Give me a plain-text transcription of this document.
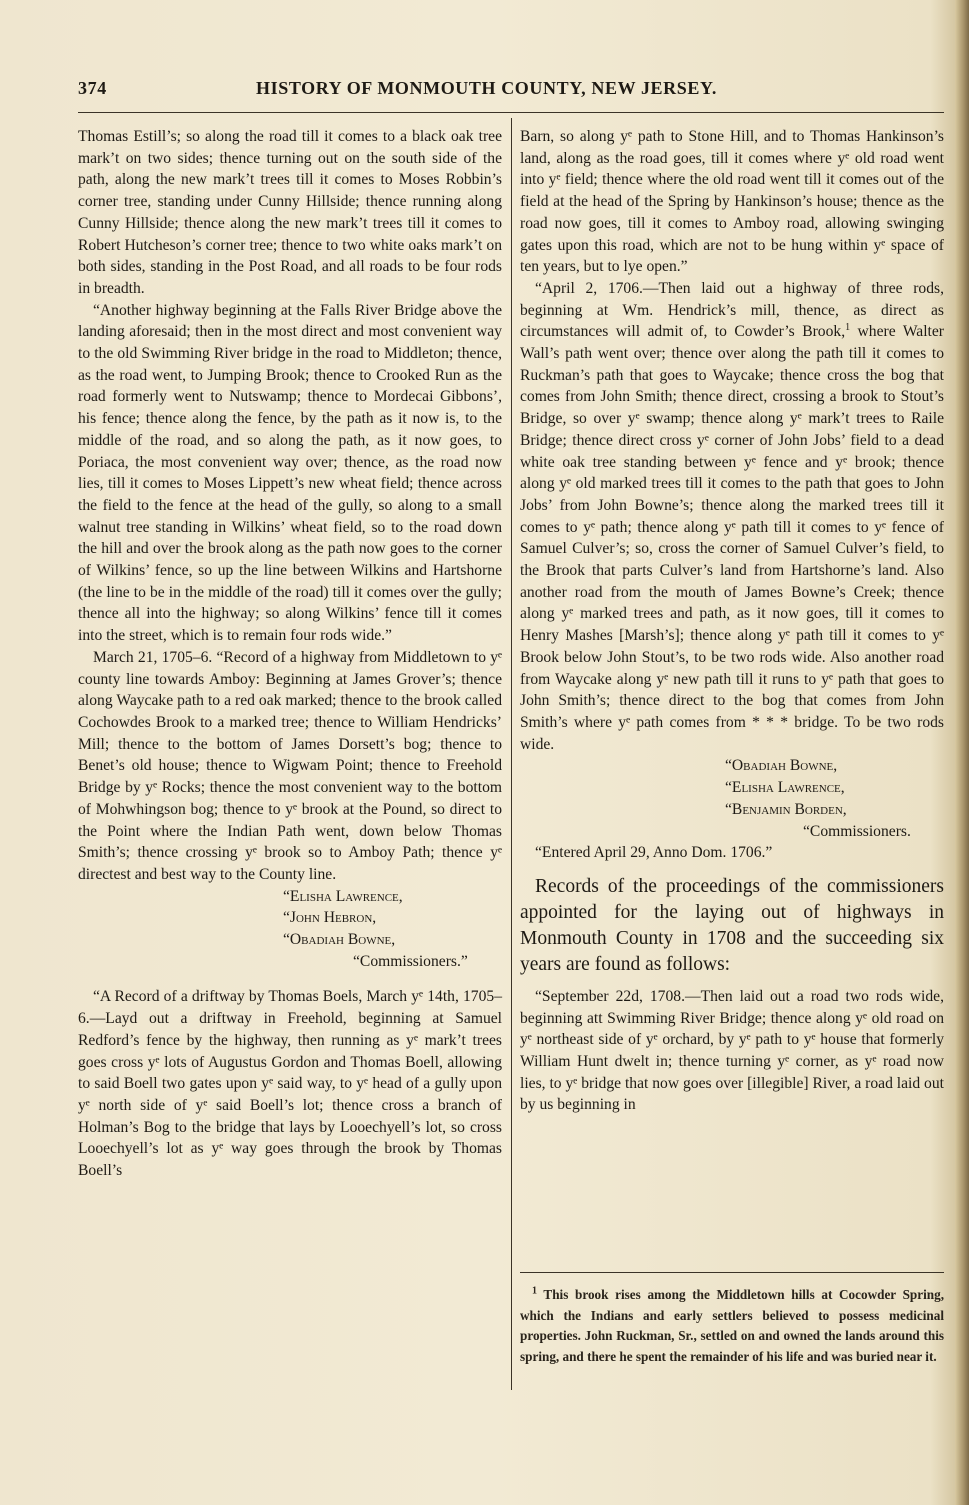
374	HISTORY OF MONMOUTH COUNTY, NEW JERSEY.

Thomas Estill’s; so along the road till it comes to a black oak tree mark’t on two sides; thence turning out on the south side of the path, along the new mark’t trees till it comes to Moses Robbin’s corner tree, standing under Cunny Hillside; thence running along Cunny Hillside; thence along the new mark’t trees till it comes to Robert Hutcheson’s corner tree; thence to two white oaks mark’t on both sides, standing in the Post Road, and all roads to be four rods in breadth.

“Another highway beginning at the Falls River Bridge above the landing aforesaid; then in the most direct and most convenient way to the old Swimming River bridge in the road to Middleton; thence, as the road went, to Jumping Brook; thence to Crooked Run as the road formerly went to Nutswamp; thence to Mordecai Gibbons’, his fence; thence along the fence, by the path as it now is, to the middle of the road, and so along the path, as it now goes, to Poriaca, the most convenient way over; thence, as the road now lies, till it comes to Moses Lippett’s new wheat field; thence across the field to the fence at the head of the gully, so along to a small walnut tree standing in Wilkins’ wheat field, so to the road down the hill and over the brook along as the path now goes to the corner of Wilkins’ fence, so up the line between Wilkins and Hartshorne (the line to be in the middle of the road) till it comes over the gully; thence all into the highway; so along Wilkins’ fence till it comes into the street, which is to remain four rods wide.”

March 21, 1705–6. “Record of a highway from Middletown to yᵉ county line towards Amboy: Beginning at James Grover’s; thence along Waycake path to a red oak marked; thence to the brook called Cochowdes Brook to a marked tree; thence to William Hendricks’ Mill; thence to the bottom of James Dorsett’s bog; thence to Benet’s old house; thence to Wigwam Point; thence to Freehold Bridge by yᵉ Rocks; thence the most convenient way to the bottom of Mohwhingson bog; thence to yᵉ brook at the Pound, so direct to the Point where the Indian Path went, down below Thomas Smith’s; thence crossing yᵉ brook so to Amboy Path; thence yᵉ directest and best way to the County line.

“Elisha Lawrence,

“John Hebron,

“Obadiah Bowne,

“Commissioners.”

“A Record of a driftway by Thomas Boels, March yᵉ 14th, 1705–6.—Layd out a driftway in Freehold, beginning at Samuel Redford’s fence by the highway, then running as yᵉ mark’t trees goes cross yᵉ lots of Augustus Gordon and Thomas Boell, allowing to said Boell two gates upon yᵉ said way, to yᵉ head of a gully upon yᵉ north side of yᵉ said Boell’s lot; thence cross a branch of Holman’s Bog to the bridge that lays by Looechyell’s lot, so cross Looechyell’s lot as yᵉ way goes through the brook by Thomas Boell’s

Barn, so along yᵉ path to Stone Hill, and to Thomas Hankinson’s land, along as the road goes, till it comes where yᵉ old road went into yᵉ field; thence where the old road went till it comes out of the field at the head of the Spring by Hankinson’s house; thence as the road now goes, till it comes to Amboy road, allowing swinging gates upon this road, which are not to be hung within yᵉ space of ten years, but to lye open.”

“April 2, 1706.—Then laid out a highway of three rods, beginning at Wm. Hendrick’s mill, thence, as direct as circumstances will admit of, to Cowder’s Brook,$^1$ where Walter Wall’s path went over; thence over along the path till it comes to Ruckman’s path that goes to Waycake; thence cross the bog that comes from John Smith; thence direct, crossing a brook to Stout’s Bridge, so over yᵉ swamp; thence along yᵉ mark’t trees to Raile Bridge; thence direct cross yᵉ corner of John Jobs’ field to a dead white oak tree standing between yᵉ fence and yᵉ brook; thence along yᵉ old marked trees till it comes to the path that goes to John Jobs’ from John Bowne’s; thence along the marked trees till it comes to yᵉ path; thence along yᵉ path till it comes to yᵉ fence of Samuel Culver’s; so, cross the corner of Samuel Culver’s field, to the Brook that parts Culver’s land from Hartshorne’s land. Also another road from the mouth of James Bowne’s Creek; thence along yᵉ marked trees and path, as it now goes, till it comes to Henry Mashes [Marsh’s]; thence along yᵉ path till it comes to yᵉ Brook below John Stout’s, to be two rods wide. Also another road from Waycake along yᵉ new path till it runs to yᵉ path that goes to John Smith’s; thence direct to the bog that comes from John Smith’s where yᵉ path comes from * * * bridge. To be two rods wide.

“Obadiah Bowne,

“Elisha Lawrence,

“Benjamin Borden,

“Commissioners.

“Entered April 29, Anno Dom. 1706.”

Records of the proceedings of the commissioners appointed for the laying out of highways in Monmouth County in 1708 and the succeeding six years are found as follows:

“September 22d, 1708.—Then laid out a road two rods wide, beginning att Swimming River Bridge; thence along yᵉ old road on yᵉ northeast side of yᵉ orchard, by yᵉ path to yᵉ house that formerly William Hunt dwelt in; thence turning yᵉ corner, as yᵉ road now lies, to yᵉ bridge that now goes over [illegible] River, a road laid out by us beginning in

$^1$ This brook rises among the Middletown hills at Cocowder Spring, which the Indians and early settlers believed to possess medicinal properties. John Ruckman, Sr., settled on and owned the lands around this spring, and there he spent the remainder of his life and was buried near it.
